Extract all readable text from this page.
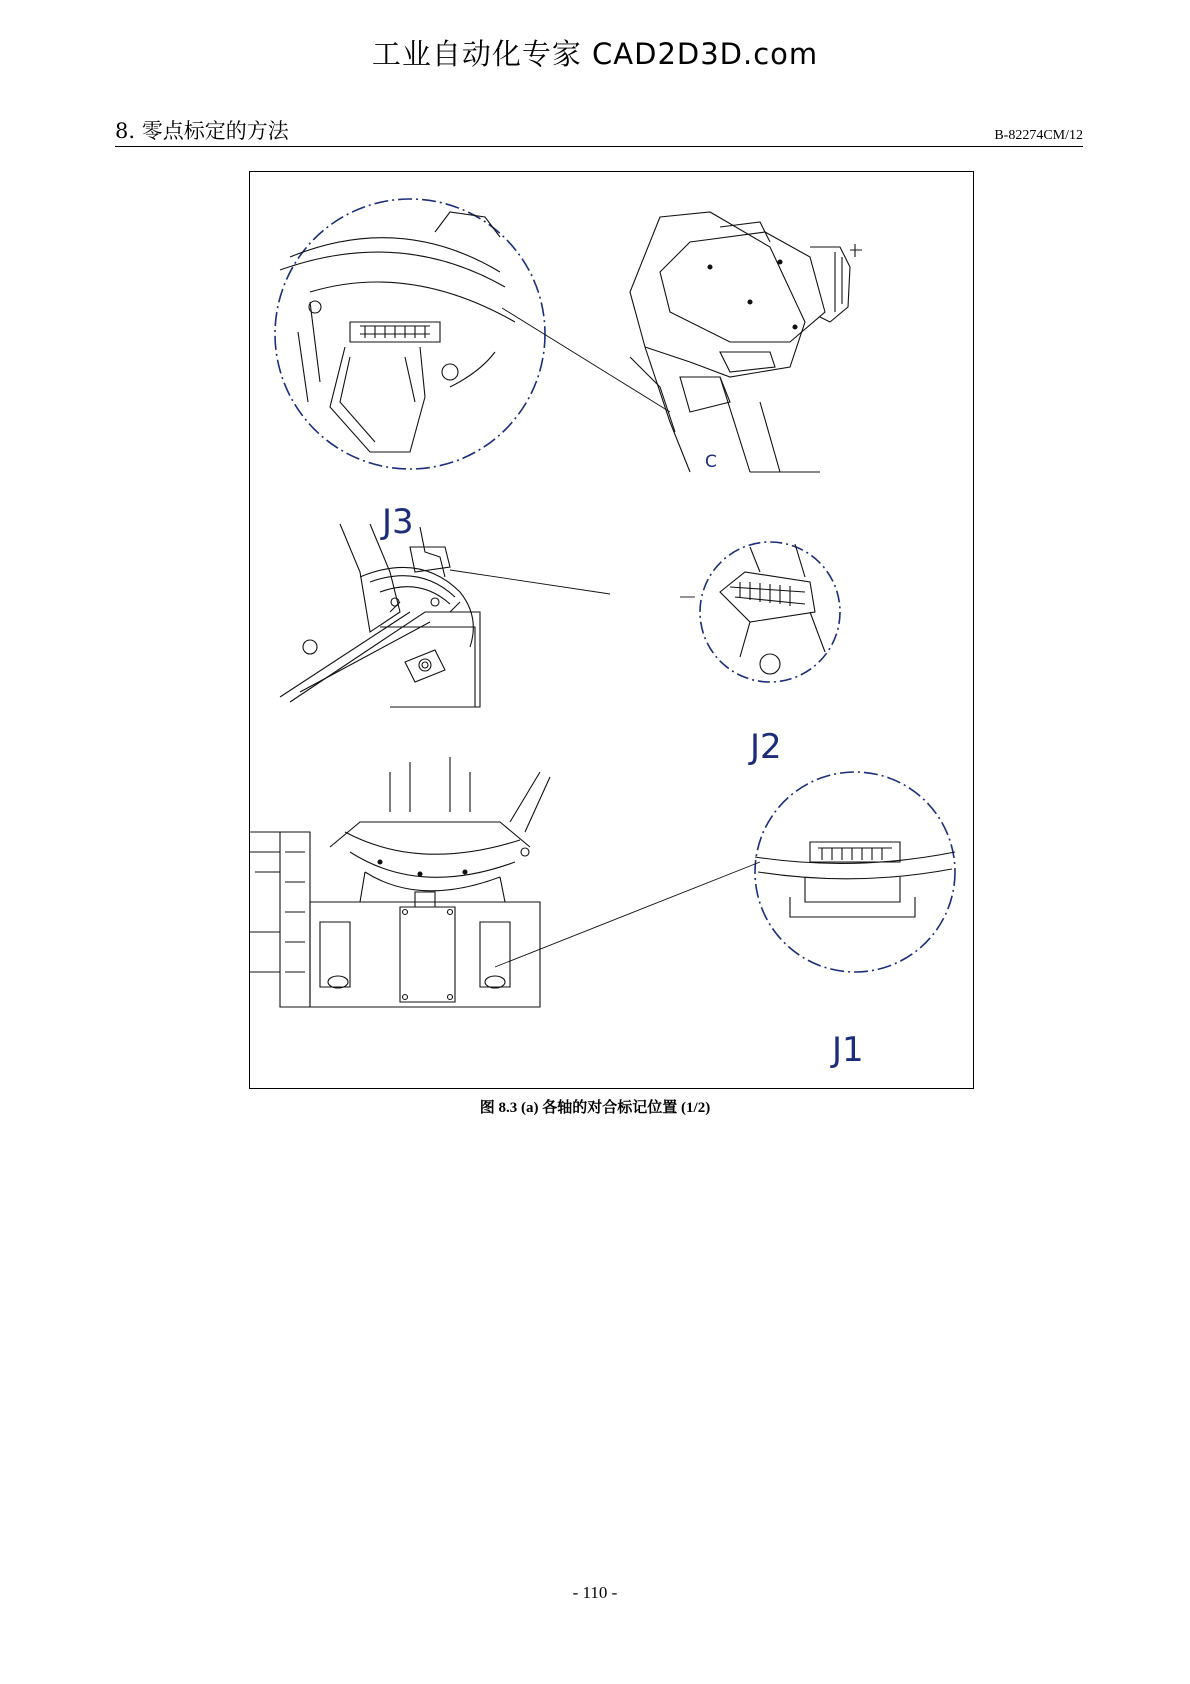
工业自动化专家 CAD2D3D.com
8. 零点标定的方法	B-82274CM/12
J3
C
J2
J1
图 8.3 (a) 各轴的对合标记位置 (1/2)
- 110 -
